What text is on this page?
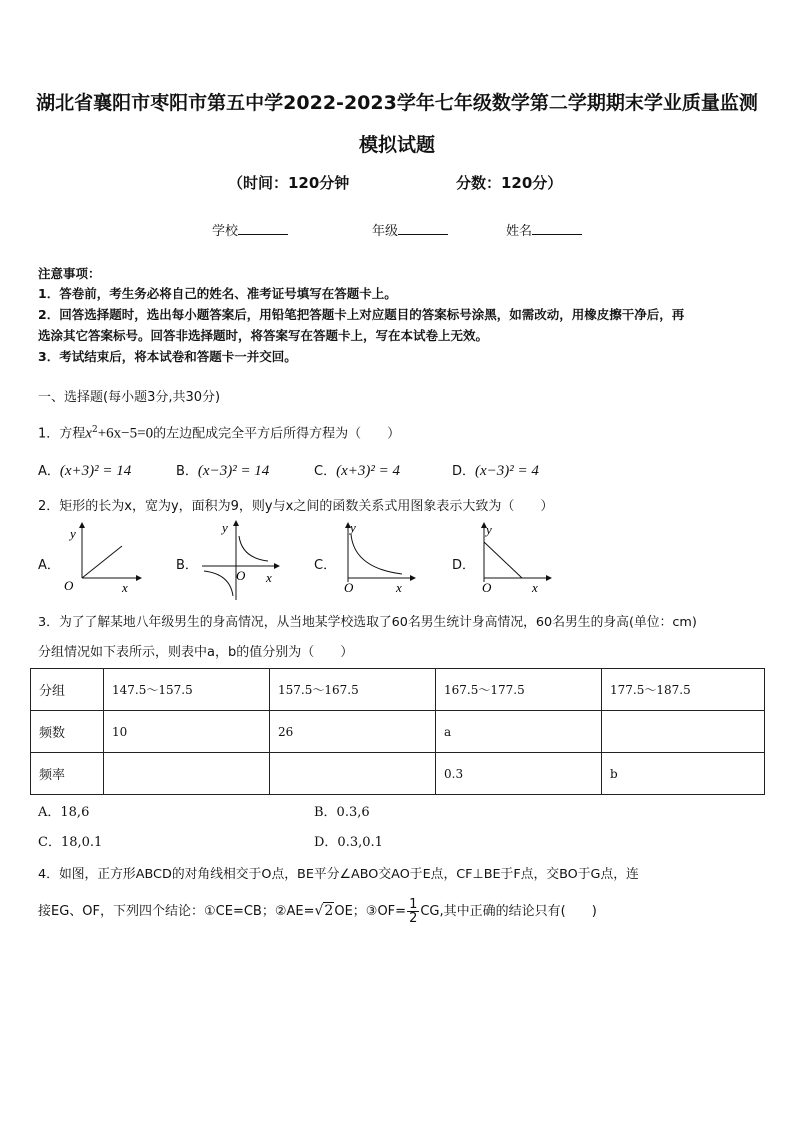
湖北省襄阳市枣阳市第五中学2022-2023学年七年级数学第二学期期末学业质量监测
模拟试题
（时间：120分钟	分数：120分）
学校	年级	姓名
注意事项：
1．答卷前，考生务必将自己的姓名、准考证号填写在答题卡上。
2．回答选择题时，选出每小题答案后，用铅笔把答题卡上对应题目的答案标号涂黑，如需改动，用橡皮擦干净后，再
选涂其它答案标号。回答非选择题时，将答案写在答题卡上，写在本试卷上无效。
3．考试结束后，将本试卷和答题卡一并交回。
一、选择题(每小题3分,共30分)
1．方程$x^2+6x-5=0$的左边配成完全平方后所得方程为（　　）
A．(x+3)² = 14	B．(x−3)² = 14	C．(x+3)² = 4	D．(x−3)² = 4
2．矩形的长为x，宽为y，面积为9，则y与x之间的函数关系式用图象表示大致为（　　）
A．	B．	C．	D．
y
O	x
y
O x
y
O	x
y
O	x
3．为了了解某地八年级男生的身高情况，从当地某学校选取了60名男生统计身高情况，60名男生的身高(单位：cm)
分组情况如下表所示，则表中a，b的值分别为（　　）
分组	147.5～157.5	157.5～167.5	167.5～177.5	177.5～187.5
频数	10	26	a	
频率			0.3	b
A．18,6	B．0.3,6
C．18,0.1	D．0.3,0.1
4．如图，正方形ABCD的对角线相交于O点，BE平分∠ABO交AO于E点，CF⊥BE于F点，交BO于G点，连
接EG、OF，下列四个结论：①CE=CB；②AE=√2OE；③OF= $\frac{1}{2}$ CG,其中正确的结论只有(　　)
